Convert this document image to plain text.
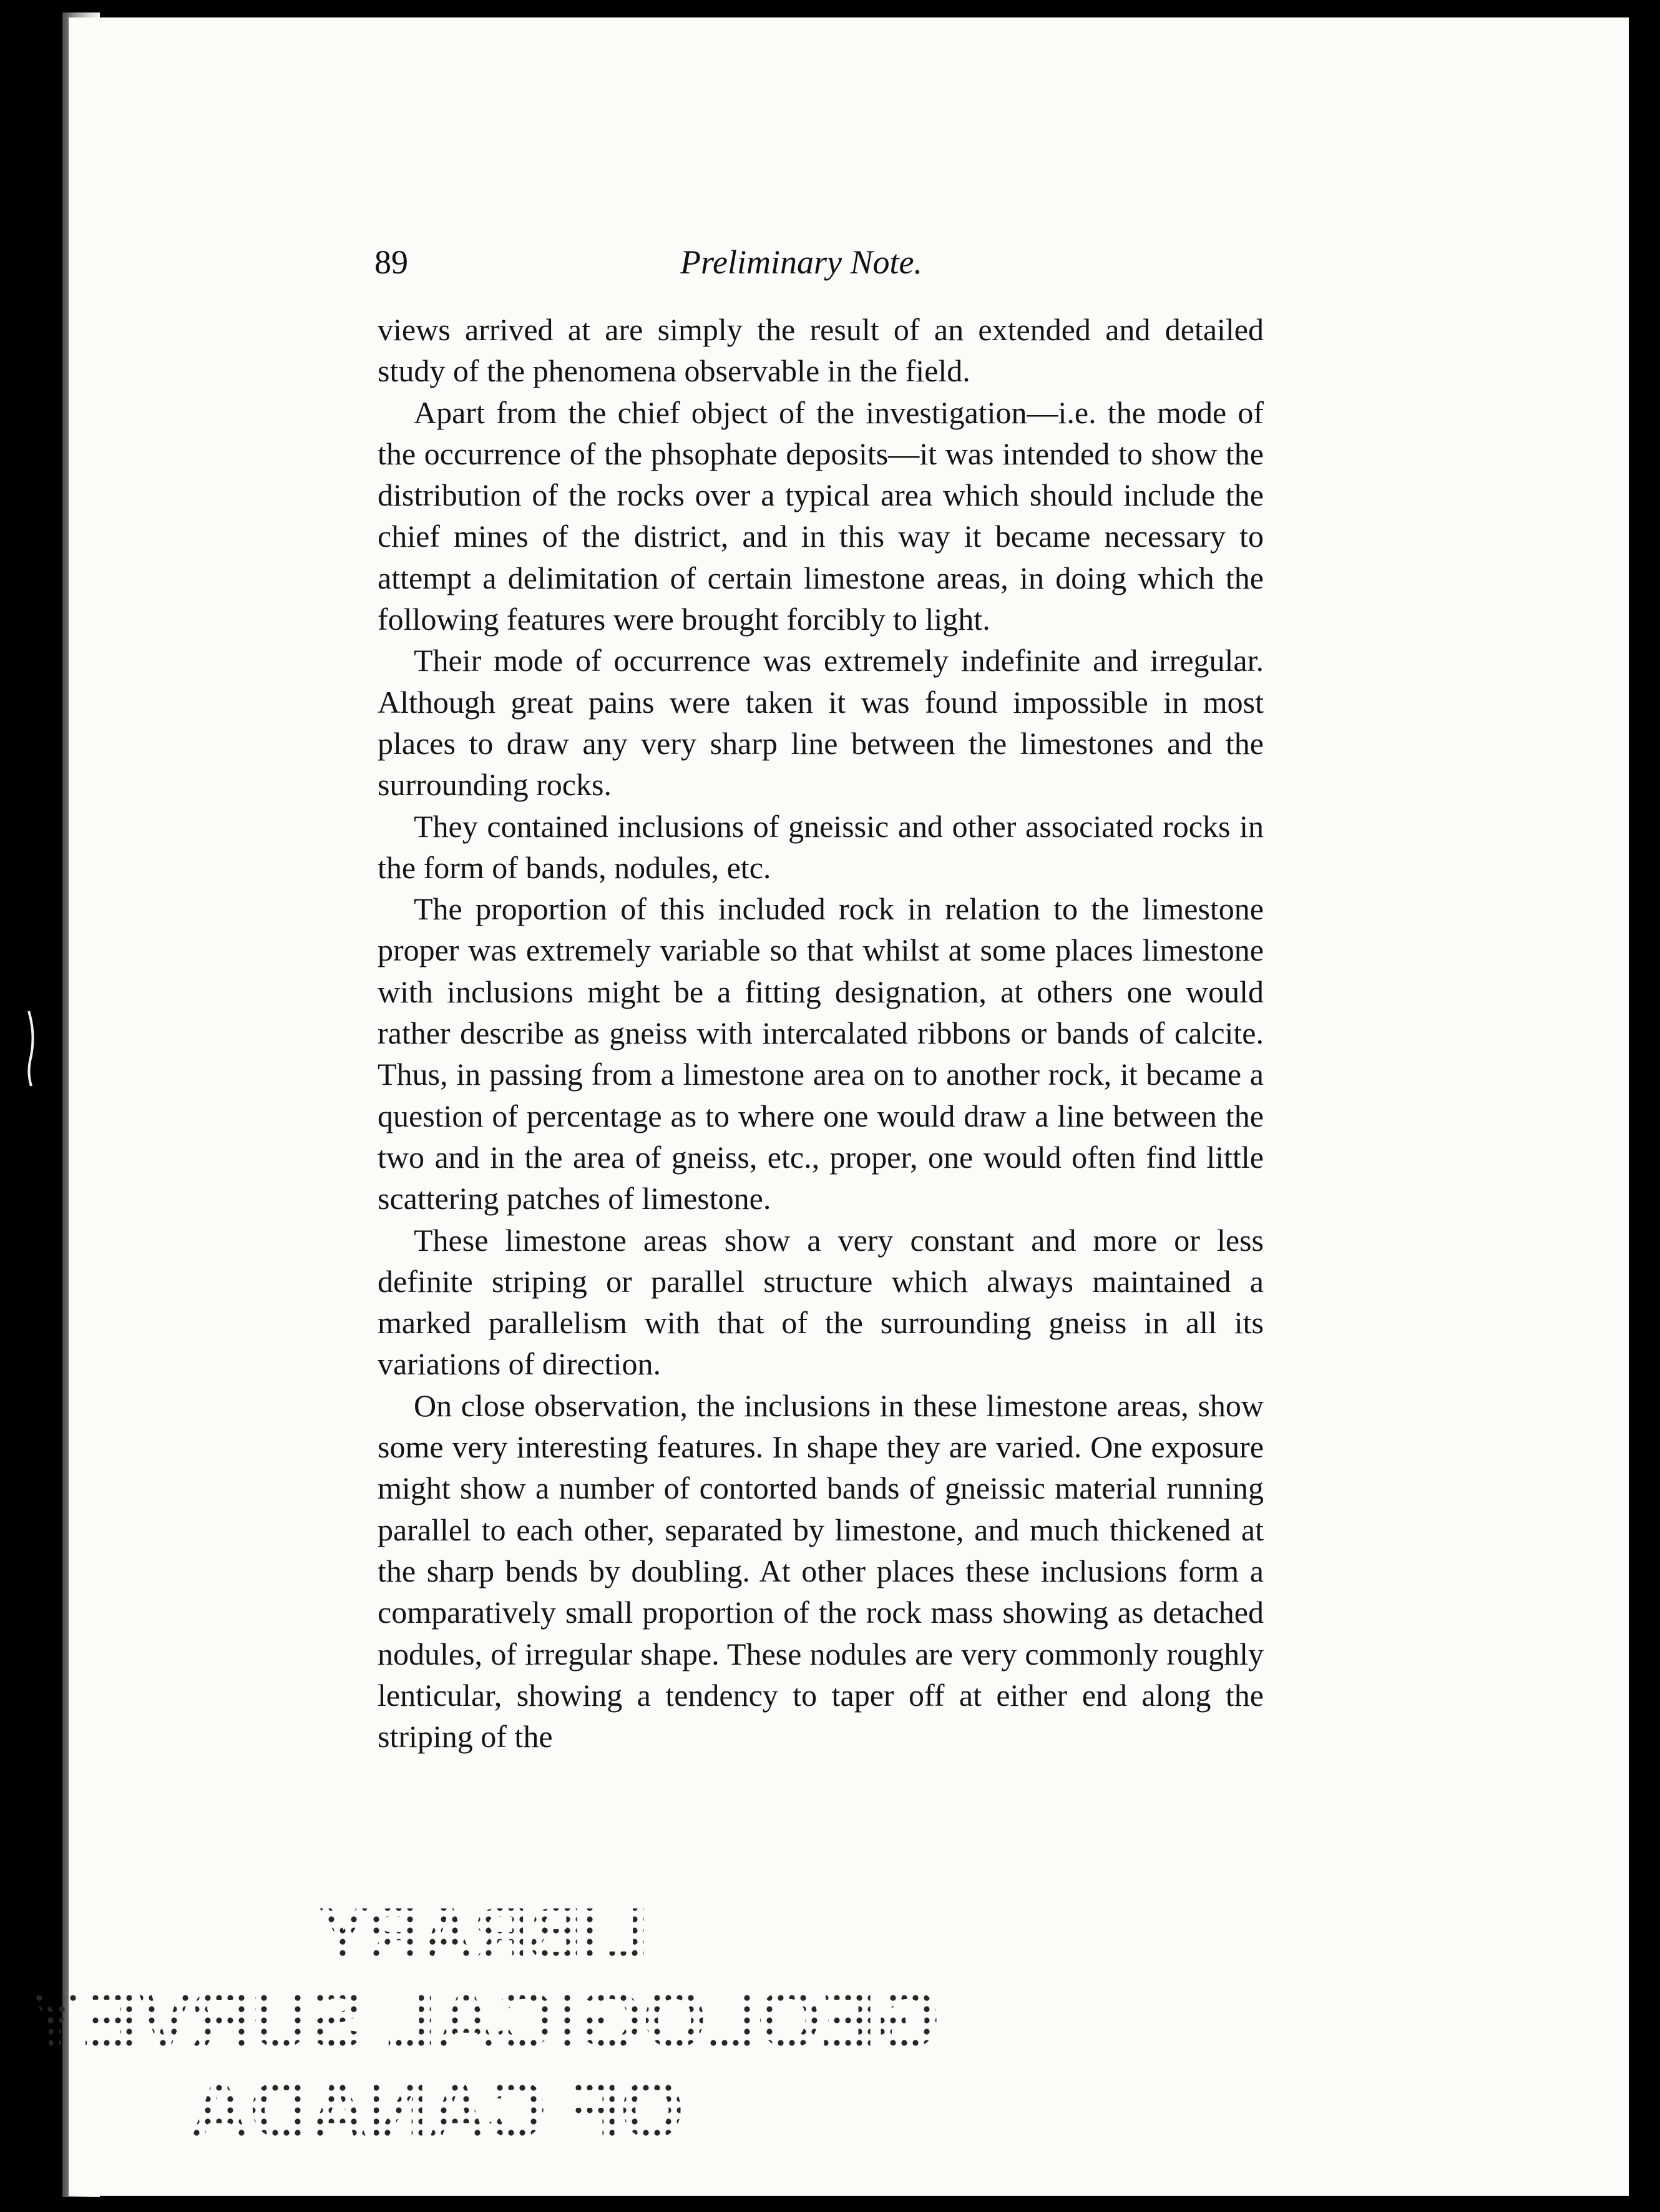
89	Preliminary Note.

views arrived at are simply the result of an extended and detailed study of the phenomena observable in the field.

Apart from the chief object of the investigation—i.e. the mode of the occurrence of the phsophate deposits—it was intended to show the distribution of the rocks over a typical area which should include the chief mines of the district, and in this way it became necessary to attempt a delimitation of certain limestone areas, in doing which the following features were brought forcibly to light.

Their mode of occurrence was extremely indefinite and irregular. Although great pains were taken it was found impossible in most places to draw any very sharp line between the limestones and the surrounding rocks.

They contained inclusions of gneissic and other associated rocks in the form of bands, nodules, etc.

The proportion of this included rock in relation to the limestone proper was extremely variable so that whilst at some places limestone with inclusions might be a fitting designation, at others one would rather describe as gneiss with intercalated ribbons or bands of calcite. Thus, in passing from a limestone area on to another rock, it became a question of percentage as to where one would draw a line between the two and in the area of gneiss, etc., proper, one would often find little scattering patches of limestone.

These limestone areas show a very constant and more or less definite striping or parallel structure which always maintained a marked parallelism with that of the surrounding gneiss in all its variations of direction.

On close observation, the inclusions in these limestone areas, show some very interesting features. In shape they are varied. One exposure might show a number of contorted bands of gneissic material running parallel to each other, separated by limestone, and much thickened at the sharp bends by doubling. At other places these inclusions form a comparatively small proportion of the rock mass showing as detached nodules, of irregular shape. These nodules are very commonly roughly lenticular, showing a tendency to taper off at either end along the striping of the

LIBRARY
GEOLOGICAL SURVEY
OF CANADA
